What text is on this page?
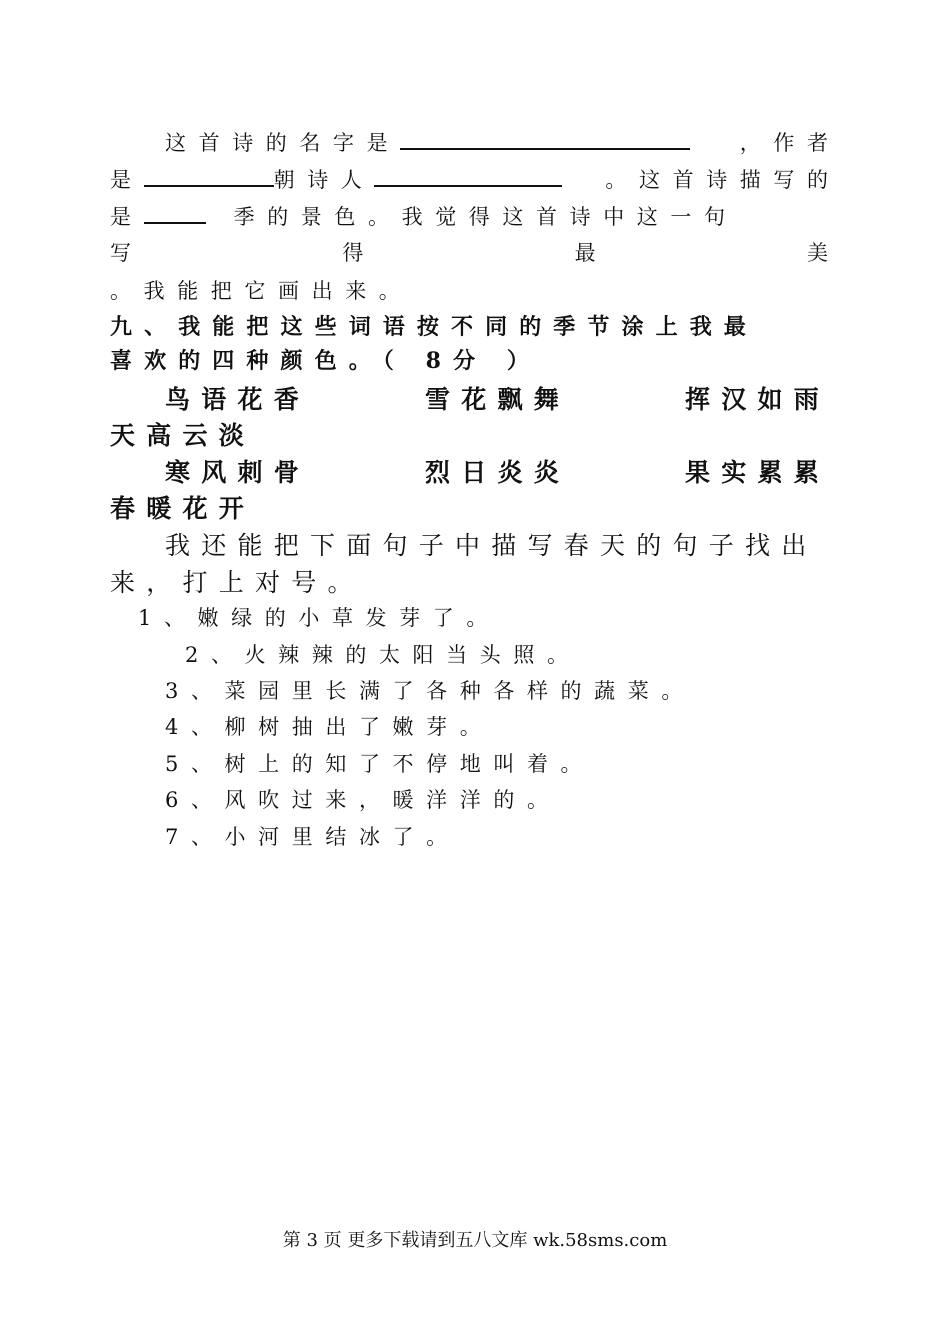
这首诗的名字是	，作者
是	朝诗人	。这首诗描写的
是	季的景色。我觉得这首诗中这一句
写	得	最	美
。我能把它画出来。
九、我能把这些词语按不同的季节涂上我最
喜欢的四种颜色。（ 8分 ）
鸟语花香	雪花飘舞	挥汉如雨
天高云淡
寒风刺骨	烈日炎炎	果实累累
春暖花开
我还能把下面句子中描写春天的句子找出
来，打上对号。
1、嫩绿的小草发芽了。
2、火辣辣的太阳当头照。
3、菜园里长满了各种各样的蔬菜。
4、柳树抽出了嫩芽。
5、树上的知了不停地叫着。
6、风吹过来，暖洋洋的。
7、小河里结冰了。
第 3 页 更多下载请到五八文库 wk.58sms.com
